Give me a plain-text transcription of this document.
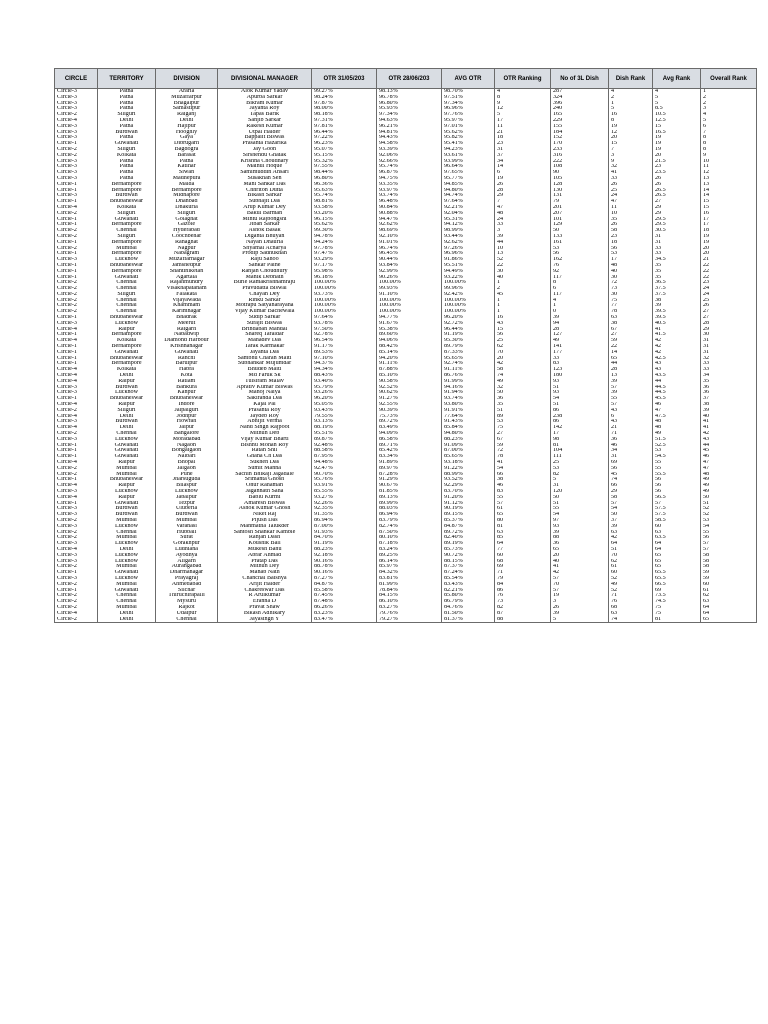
CIRCLE	TERRITORY	DIVISION	DIVISIONAL MANAGER	OTR 31/05/203	OTR 28/06/203	AVG OTR	OTR Ranking	No of 3L Dish	Dish Rank	Avg Rank	Overall Rank
Circle-3	Patna	Araria	Alok Kumar Yadav	99.27%	98.13%	98.70%	4	287	4	4	1
Circle-3	Patna	Muzaffarpur	Apurba Sarkar	98.24%	96.78%	97.51%	8	324	2	5	2
Circle-3	Patna	Bhagalpur	Bikram Kumar	97.87%	96.80%	97.34%	9	396	1	5	2
Circle-3	Patna	Samastipur	Jayanta Roy	98.00%	95.93%	96.96%	12	240	5	8.5	3
Circle-2	Siliguri	Raiganj	Tapas Barik	98.18%	97.34%	97.76%	5	165	16	10.5	4
Circle-4	Delhi	Delhi	Sanjib Sarkar	97.31%	94.63%	95.97%	17	229	8	12.5	5
Circle-3	Patna	Hajipur	Rakesh Kumar	97.81%	96.21%	97.01%	11	155	19	15	6
Circle-3	Burdwan	Hooghly	Utpal Halder	96.44%	94.81%	95.62%	21	184	12	16.5	7
Circle-3	Patna	Gaya	Bappaiit Biswas	97.22%	94.43%	95.82%	18	152	20	19	8
Circle-1	Guwahati	Dibrugarh	Prasanta Hazarika	96.23%	94.58%	95.41%	23	170	15	19	8
Circle-2	Siliguri	Bagdogra	Jay Goon	95.07%	93.39%	94.23%	31	233	7	19	8
Circle-2	Kolkata	Barasat	Sirshendu Ghatak	95.15%	92.06%	93.61%	37	316	3	20	9
Circle-3	Patna	Patna	Krishna Choudhary	95.32%	92.66%	93.99%	34	222	9	21.5	10
Circle-3	Patna	Katihar	Mainul Hoque	97.55%	95.74%	96.64%	14	108	32	23	11
Circle-3	Patna	Siwan	Samimuddin Ansari	98.44%	96.87%	97.65%	6	90	41	23.5	12
Circle-3	Patna	Madhepura	Susakhan Sen	96.80%	94.75%	95.77%	19	105	33	26	13
Circle-1	Berhampore	Malda	Mani Sankar Das	96.36%	93.35%	94.85%	26	128	26	26	13
Circle-1	Berhampore	Berhampore	Chhriton Dutta	95.63%	93.97%	94.80%	28	130	25	26.5	14
Circle-3	Burdwan	Midnapore	Bikash Sarkar	95.74%	93.74%	94.74%	29	131	24	26.5	14
Circle-1	Bhubaneswar	Dhanbad	Subhajit Das	98.81%	96.48%	97.64%	7	79	47	27	15
Circle-4	Kolkata	Dhakuria	Arup Kumar Dey	93.58%	90.84%	92.21%	47	201	11	29	15
Circle-2	Siliguri	Siliguri	Bakul Barman	93.20%	90.88%	92.04%	48	207	10	29	16
Circle-1	Guwahati	Golaghat	Mintu Rajbongshi	96.15%	94.47%	95.31%	24	101	35	29.5	17
Circle-1	Berhampore	Gazole	Jiban Sarkar	95.62%	92.62%	94.12%	33	129	26	29.5	17
Circle-2	Chennai	Hyderabad	Ashok Basak	99.30%	98.69%	98.99%	3	50	58	30.5	18
Circle-2	Siliguri	Coochbehar	Diganta Bhuyan	94.78%	92.10%	93.44%	39	133	23	31	19
Circle-1	Berhampore	Ranaghat	Nayan Dhauria	94.24%	91.01%	92.62%	44	161	18	31	19
Circle-2	Mumbai	Nagpur	Shyamal Acharya	97.78%	96.74%	97.26%	10	53	56	33	20
Circle-1	Berhampore	Nabagram	Prodip Sadhukhan	97.47%	96.45%	96.96%	13	56	53	33	20
Circle-3	Lucknow	Muzaffarnagar	Raju Sahoo	93.29%	90.44%	91.86%	52	162	17	34.5	21
Circle-1	Bhubaneswar	Jamshedpur	Sankar Paine	97.17%	93.84%	95.51%	22	76	48	35	22
Circle-1	Berhampore	Shantiniketan	Ranjan Choudhury	95.98%	92.99%	94.49%	30	92	40	35	22
Circle-1	Guwahati	Agartala	Manik Debnath	96.18%	90.26%	93.22%	40	117	30	35	22
Circle-2	Chennai	Rajahmundry	Burle Ramakrishnamraju	100.00%	100.00%	100.00%	1	8	72	36.5	23
Circle-2	Chennai	Visakhapatanam	Pravudatta Biswal	100.00%	99.93%	99.96%	2	6	73	37.5	24
Circle-2	Siliguri	Falakata	Chayan Dey	93.73%	91.10%	92.42%	45	117	30	37.5	24
Circle-2	Chennai	Vijayawada	Rinku Sarkar	100.00%	100.00%	100.00%	1	4	75	38	25
Circle-2	Chennai	Khammam	Motrapu Satyanarayana	100.00%	100.00%	100.00%	1	1	77	39	26
Circle-2	Chennai	Karimnagar	Vijay Kumar Bachewala	100.00%	100.00%	100.00%	1	0	78	39.5	27
Circle-1	Bhubaneswar	Bhadrak	Sudip Sarkar	97.64%	94.77%	96.20%	16	39	63	39.5	27
Circle-3	Lucknow	Meerut	Surajit Biswas	93.78%	91.67%	92.72%	43	94	38	40.5	28
Circle-4	Raipur	Raigarh	Brindaban Mandal	97.50%	95.38%	96.44%	15	28	67	41	29
Circle-1	Berhampore	Nabadwip	Shareq Taraldar	92.78%	89.60%	91.19%	56	127	27	41.5	30
Circle-4	Kolkata	Diamond Harbour	Mahadev Das	96.54%	94.06%	95.30%	25	49	59	42	31
Circle-1	Berhampore	Krishnanagar	Tarak Karmakar	91.17%	88.42%	89.79%	62	141	22	42	31
Circle-1	Guwahati	Guwahati	Jayanta Das	89.53%	85.14%	87.33%	70	177	14	42	31
Circle-1	Bhubaneswar	Ranchi	Sambhu Charan Maiti	97.10%	94.20%	95.65%	20	33	65	42.5	32
Circle-1	Berhampore	Baruipur	Subhankar Mujumdar	94.37%	91.11%	92.74%	42	83	44	43	33
Circle-4	Kolkata	Habra	Bhudeb Maiti	94.34%	87.88%	91.11%	58	123	28	43	33
Circle-4	Delhi	Kota	Md Faruk Sk	88.43%	85.10%	86.76%	74	180	13	43.5	34
Circle-4	Raipur	Ratlam	Tulsiram Malav	93.40%	90.58%	91.99%	49	93	39	44	35
Circle-3	Burdwan	Bankura	Aprativ Kumar Biswas	95.79%	92.52%	94.16%	32	51	57	44.5	36
Circle-3	Lucknow	Kanpur	Manoj Naiya	93.26%	90.62%	91.94%	50	93	39	44.5	36
Circle-1	Bhubaneswar	Bhubaneswar	Sakiranda Das	96.20%	91.27%	93.74%	36	54	55	45.5	37
Circle-4	Raipur	Indore	Kajal Pal	95.05%	92.55%	93.80%	35	51	57	46	38
Circle-2	Siliguri	Jalpaiguri	Prasanta Roy	93.43%	90.39%	91.91%	51	86	43	47	39
Circle-4	Delhi	Jodhpur	Jaydeb Roy	79.55%	75.73%	77.64%	89	238	6	47.5	40
Circle-3	Burdwan	Howrah	Abhijit Verma	93.13%	89.72%	91.43%	53	86	43	48	41
Circle-4	Delhi	Jaipur	Nand Singh Rajpoot	88.19%	83.49%	85.84%	75	142	21	48	41
Circle-2	Chennai	Bangalore	Mithun Deb	95.51%	94.09%	94.80%	27	17	71	49	42
Circle-3	Lucknow	Moradabad	Vijay Kumar Bharti	89.87%	86.58%	88.23%	67	98	36	51.5	43
Circle-1	Guwahati	Nagaon	Bishnu Mohan Roy	92.48%	89.71%	91.09%	59	81	46	52.5	44
Circle-1	Guwahati	Bongaigaon	Ratan Shil	88.58%	85.42%	87.00%	72	104	34	53	45
Circle-1	Guwahati	Nalbari	Ghana Ch Das	87.95%	83.34%	85.65%	78	111	31	54.5	46
Circle-4	Raipur	Bhopal	Sukhen Das	94.48%	91.89%	93.18%	41	25	69	55	47
Circle-2	Mumbai	Jalgaon	Sumit Manna	92.47%	89.97%	91.22%	54	53	56	55	47
Circle-2	Mumbai	Pune	Sachin Bhikaji Jagadale	90.70%	87.28%	88.99%	66	82	45	55.5	48
Circle-1	Bhubaneswar	Jharsuguda	Srimanta Ghosh	95.76%	91.29%	93.52%	38	5	74	56	49
Circle-4	Raipur	Bilaspur	Ohur Rahaman	93.91%	90.67%	92.29%	46	31	66	56	49
Circle-3	Lucknow	Lucknow	Jagannath Saha	85.55%	81.85%	83.70%	83	120	29	56	49
Circle-4	Raipur	Jabalpur	Bablu Kurmi	93.27%	89.13%	91.20%	55	50	58	56.5	50
Circle-1	Guwahati	Tezpur	Amaresh Biswas	92.26%	89.99%	91.12%	57	51	57	57	51
Circle-3	Burdwan	Uluberia	Ashok Kumar Ghosh	92.35%	88.03%	90.19%	61	55	54	57.5	52
Circle-3	Burdwan	Burdwan	Niket Raj	91.35%	86.94%	89.15%	65	54	50	57.5	52
Circle-2	Mumbai	Mumbai	Pijush Das	86.94%	83.79%	85.37%	80	97	37	58.5	53
Circle-3	Lucknow	Varanasi	Manmatha Talukder	87.00%	82.74%	84.87%	81	93	39	60	54
Circle-2	Chennai	Hubbali	Santosh Shankar Kamble	91.93%	87.50%	89.72%	63	39	63	63	55
Circle-2	Mumbai	Surat	Ranjan Dash	84.70%	80.10%	82.40%	85	88	42	63.5	56
Circle-3	Lucknow	Gorakhpur	Koushik Ball	91.19%	87.18%	89.19%	64	36	64	64	57
Circle-4	Delhi	Ludhiana	Mukesh Bahu	88.23%	83.24%	85.73%	77	65	51	64	57
Circle-3	Lucknow	Ayodhya	Abrar Ahmad	92.18%	89.25%	90.72%	60	20	70	65	58
Circle-3	Lucknow	Aligarh	Pratap Das	90.16%	86.14%	88.15%	68	40	62	65	58
Circle-2	Mumbai	Aurangabad	Mithun Dey	88.78%	85.97%	87.37%	69	41	61	65	58
Circle-1	Guwahati	Dharmanagar	Manab Nath	90.16%	84.32%	87.24%	71	42	60	65.5	59
Circle-3	Lucknow	Prayagraj	Chanchal Baishya	87.27%	83.81%	85.54%	79	57	52	65.5	59
Circle-2	Mumbai	Ahmedabad	Arijit Halder	84.87%	81.99%	83.43%	84	70	49	66.5	60
Circle-1	Guwahati	Silchar	Chakreswar Das	85.58%	78.84%	82.21%	86	57	52	69	61
Circle-2	Chennai	Thiruchirapalli	R Arulkumar	87.45%	84.15%	85.80%	76	19	71	73.5	62
Circle-2	Chennai	Mysuru	Eranna D	87.48%	86.10%	86.79%	73	3	76	74.5	63
Circle-2	Mumbai	Rajkot	Pravat Shaw	86.26%	83.27%	84.76%	82	26	68	75	64
Circle-4	Delhi	Udaipur	Bikash Adhikary	83.23%	79.76%	81.50%	87	39	63	75	64
Circle-2	Delhi	Chennai	Jayasingh Y	83.47%	79.27%	81.37%	88	5	74	81	65
